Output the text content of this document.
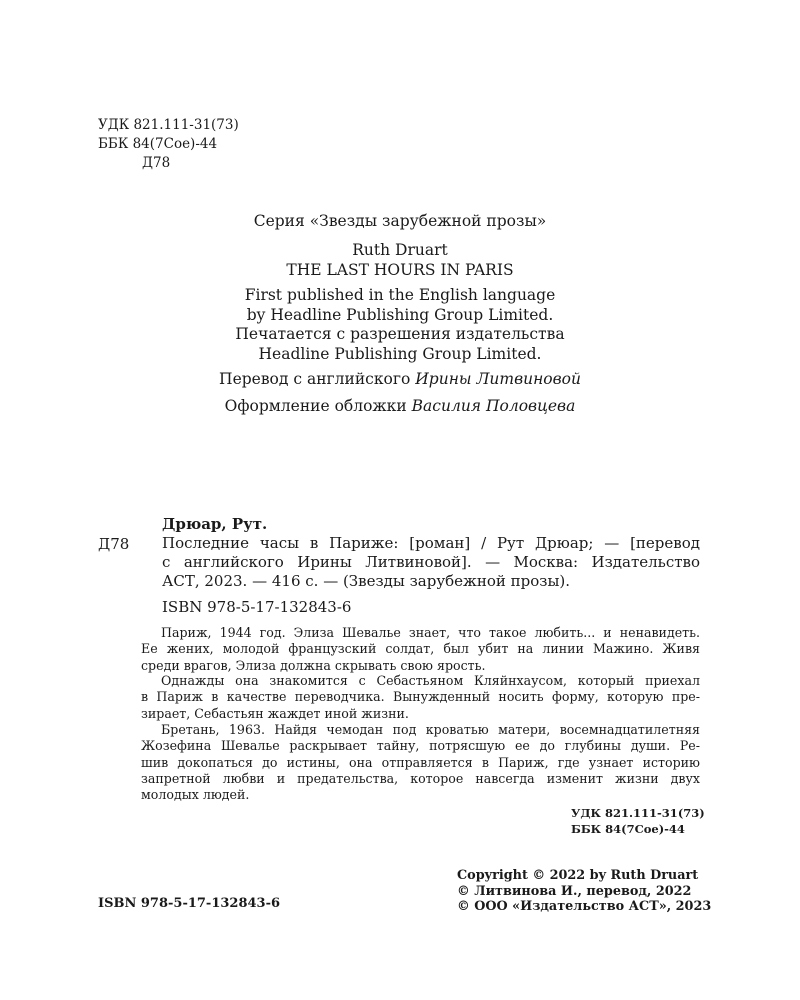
УДК 821.111-31(73)
ББК 84(7Сое)-44
Д78
Серия «Звезды зарубежной прозы»
Ruth Druart
THE LAST HOURS IN PARIS
First published in the English language
by Headline Publishing Group Limited.
Печатается с разрешения издательства
Headline Publishing Group Limited.
Перевод с английского Ирины Литвиновой
Оформление обложки Василия Половцева
Дрюар, Рут.
Д78 Последние часы в Париже: [роман] / Рут Дрюар; — [перевод
с английского Ирины Литвиновой]. — Москва: Издательство
АСТ, 2023. — 416 с. — (Звезды зарубежной прозы).
ISBN 978-5-17-132843-6
Париж, 1944 год. Элиза Шевалье знает, что такое любить... и ненавидеть.
Ее жених, молодой французский солдат, был убит на линии Мажино. Живя
среди врагов, Элиза должна скрывать свою ярость.
Однажды она знакомится с Себастьяном Кляйнхаусом, который приехал
в Париж в качестве переводчика. Вынужденный носить форму, которую пре-
зирает, Себастьян жаждет иной жизни.
Бретань, 1963. Найдя чемодан под кроватью матери, восемнадцатилетняя
Жозефина Шевалье раскрывает тайну, потрясшую ее до глубины души. Ре-
шив докопаться до истины, она отправляется в Париж, где узнает историю
запретной любви и предательства, которое навсегда изменит жизни двух
молодых людей.
УДК 821.111-31(73)
ББК 84(7Сое)-44
ISBN 978-5-17-132843-6
Copyright © 2022 by Ruth Druart
© Литвинова И., перевод, 2022
© ООО «Издательство АСТ», 2023
